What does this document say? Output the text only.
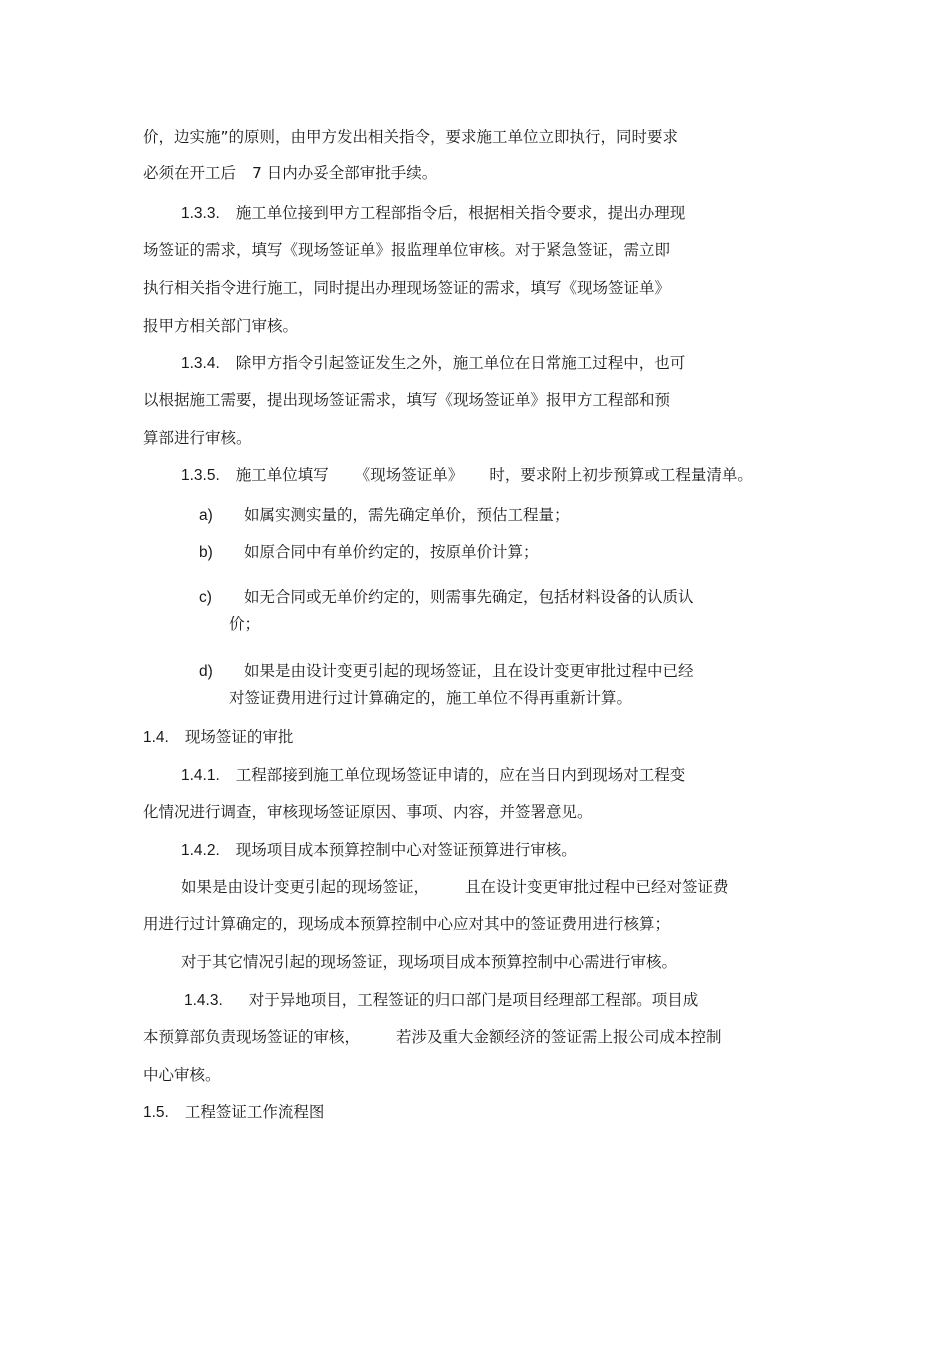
价，边实施”的原则，由甲方发出相关指令，要求施工单位立即执行，同时要求
必须在开工后 7 日内办妥全部审批手续。
1.3.3. 施工单位接到甲方工程部指令后，根据相关指令要求，提出办理现
场签证的需求，填写《现场签证单》报监理单位审核。对于紧急签证，需立即
执行相关指令进行施工，同时提出办理现场签证的需求，填写《现场签证单》
报甲方相关部门审核。
1.3.4. 除甲方指令引起签证发生之外，施工单位在日常施工过程中，也可
以根据施工需要，提出现场签证需求，填写《现场签证单》报甲方工程部和预
算部进行审核。
1.3.5. 施工单位填写 《现场签证单》 时，要求附上初步预算或工程量清单。
a) 如属实测实量的，需先确定单价，预估工程量；
b) 如原合同中有单价约定的，按原单价计算；
c) 如无合同或无单价约定的，则需事先确定，包括材料设备的认质认
价；
d) 如果是由设计变更引起的现场签证，且在设计变更审批过程中已经
对签证费用进行过计算确定的，施工单位不得再重新计算。
1.4. 现场签证的审批
1.4.1. 工程部接到施工单位现场签证申请的，应在当日内到现场对工程变
化情况进行调查，审核现场签证原因、事项、内容，并签署意见。
1.4.2. 现场项目成本预算控制中心对签证预算进行审核。
如果是由设计变更引起的现场签证， 且在设计变更审批过程中已经对签证费
用进行过计算确定的，现场成本预算控制中心应对其中的签证费用进行核算；
对于其它情况引起的现场签证，现场项目成本预算控制中心需进行审核。
1.4.3. 对于异地项目，工程签证的归口部门是项目经理部工程部。项目成
本预算部负责现场签证的审核， 若涉及重大金额经济的签证需上报公司成本控制
中心审核。
1.5. 工程签证工作流程图
